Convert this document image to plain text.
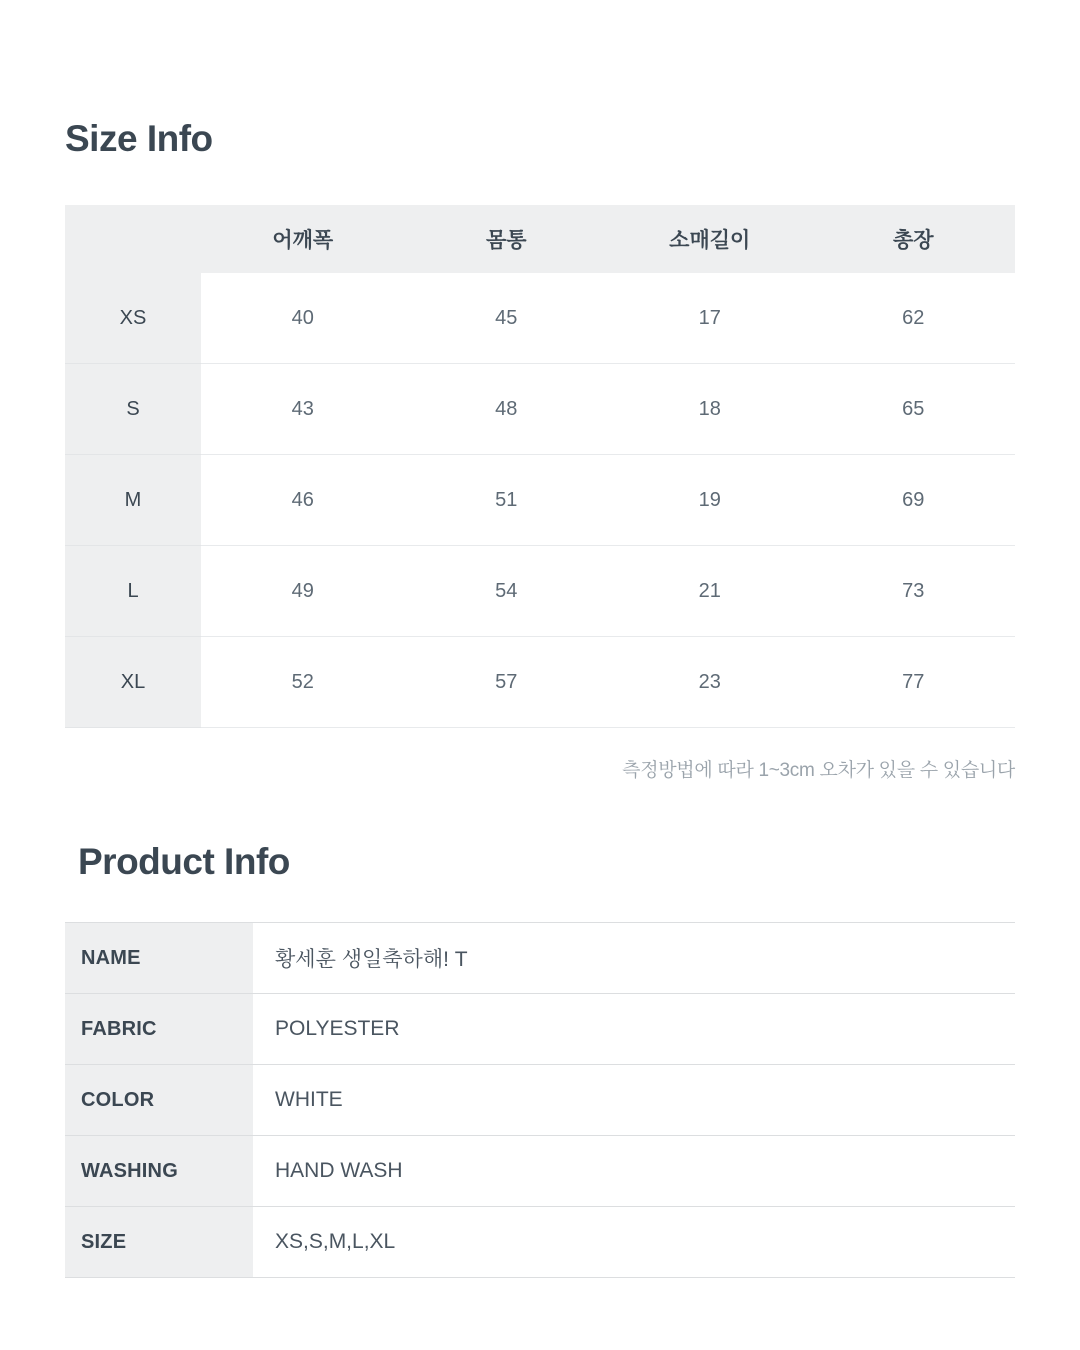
Size Info
	어깨폭	몸통	소매길이	총장
XS	40	45	17	62
S	43	48	18	65
M	46	51	19	69
L	49	54	21	73
XL	52	57	23	77
측정방법에 따라 1~3cm 오차가 있을 수 있습니다
Product Info
NAME	황세훈 생일축하해! T
FABRIC	POLYESTER
COLOR	WHITE
WASHING	HAND WASH
SIZE	XS,S,M,L,XL
